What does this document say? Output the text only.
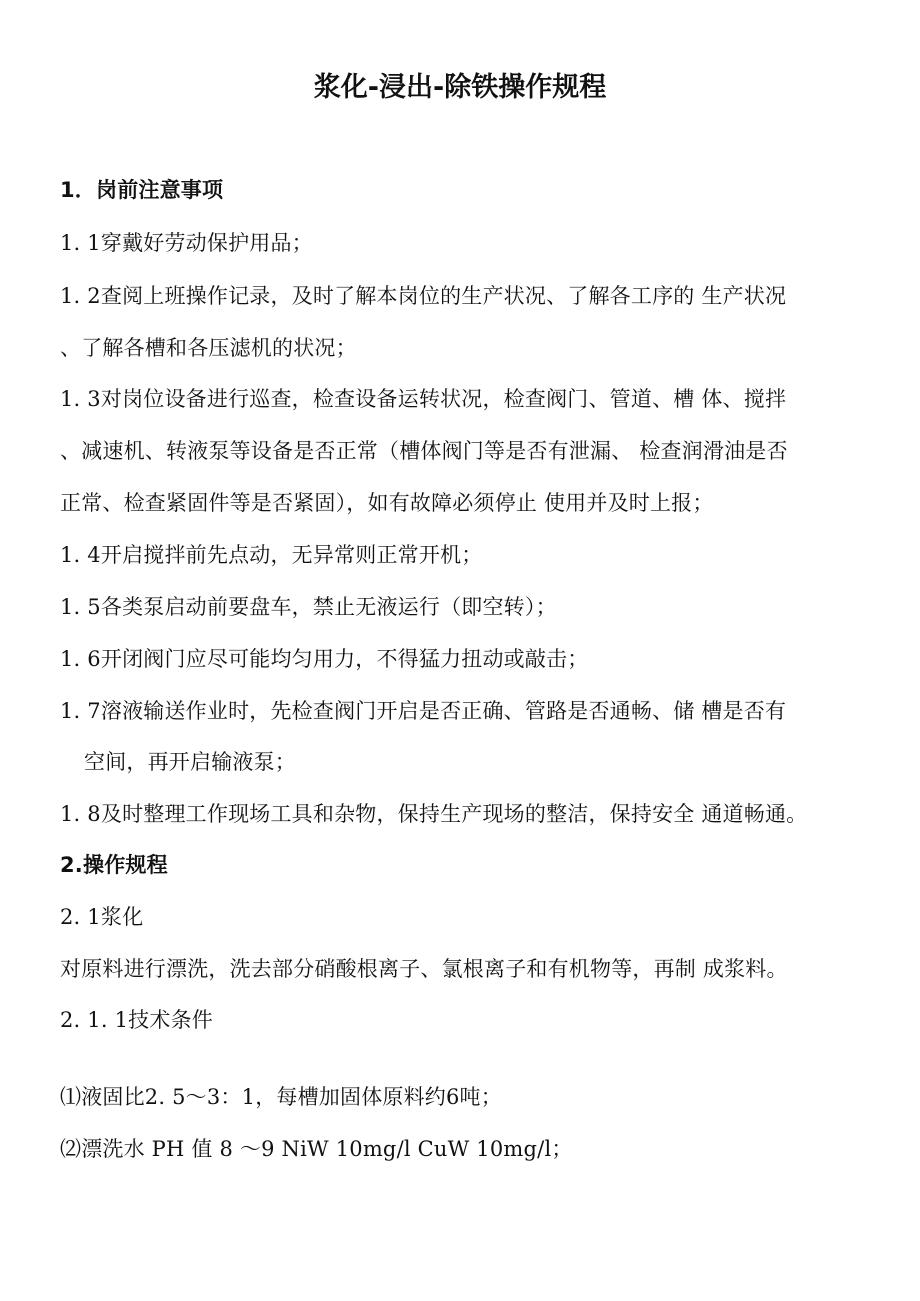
浆化-浸出-除铁操作规程
1．岗前注意事项
1. 1穿戴好劳动保护用品；
1. 2查阅上班操作记录，及时了解本岗位的生产状况、了解各工序的 生产状况
、了解各槽和各压滤机的状况；
1. 3对岗位设备进行巡查，检查设备运转状况，检查阀门、管道、槽 体、搅拌
、减速机、转液泵等设备是否正常（槽体阀门等是否有泄漏、 检查润滑油是否
正常、检查紧固件等是否紧固），如有故障必须停止 使用并及时上报；
1. 4开启搅拌前先点动，无异常则正常开机；
1. 5各类泵启动前要盘车，禁止无液运行（即空转）；
1. 6开闭阀门应尽可能均匀用力，不得猛力扭动或敲击；
1. 7溶液输送作业时，先检查阀门开启是否正确、管路是否通畅、储 槽是否有
空间，再开启输液泵；
1. 8及时整理工作现场工具和杂物，保持生产现场的整洁，保持安全 通道畅通。
2.操作规程
2. 1浆化
对原料进行漂洗，洗去部分硝酸根离子、氯根离子和有机物等，再制 成浆料。
2. 1. 1技术条件
⑴液固比2. 5〜3：1，每槽加固体原料约6吨；
⑵漂洗水 PH 值 8 〜9 NiW 10mg/l CuW 10mg/l；
